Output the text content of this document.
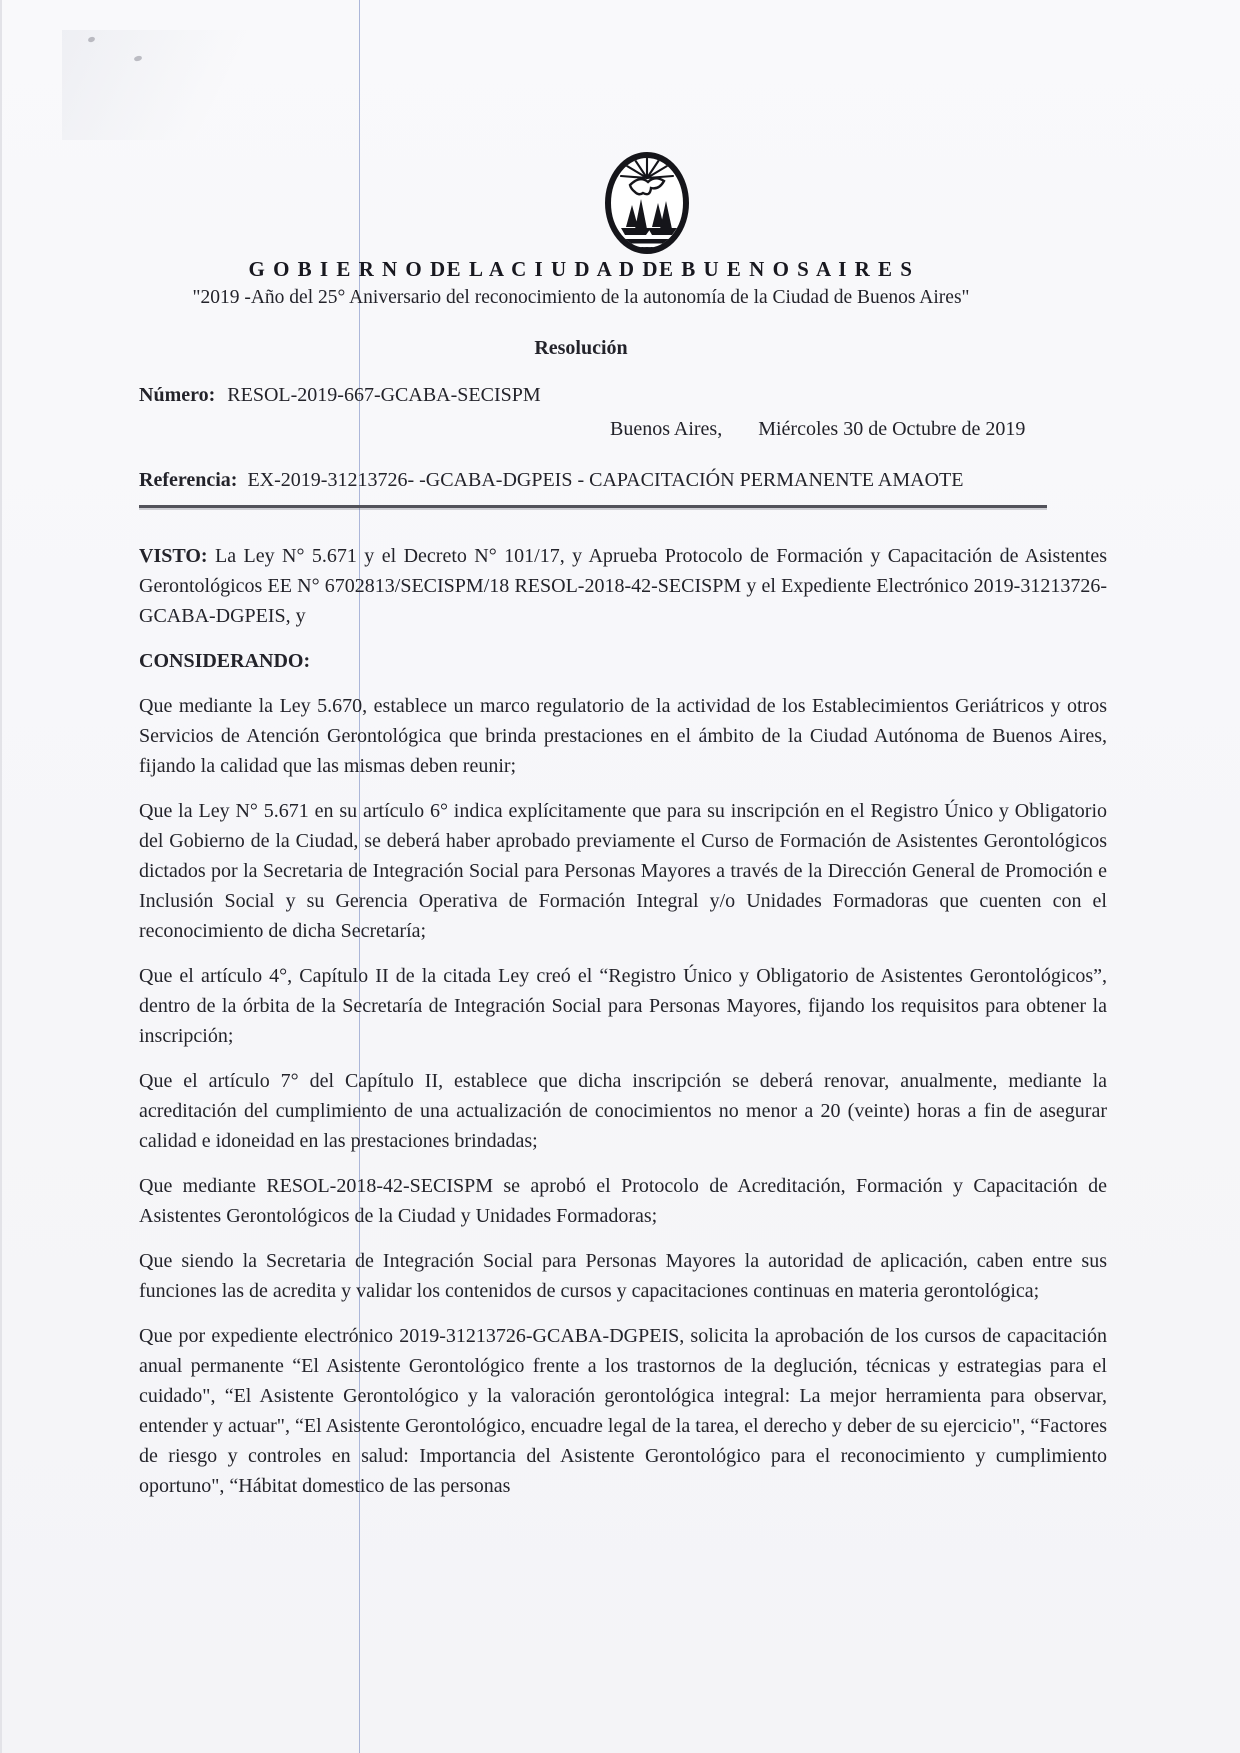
G O B I E R N O DE L A C I U D A D DE B U E N O S A I R E S
"2019 -Año del 25° Aniversario del reconocimiento de la autonomía de la Ciudad de Buenos Aires"
Resolución
Número: RESOL-2019-667-GCABA-SECISPM
Buenos Aires, Miércoles 30 de Octubre de 2019
Referencia: EX-2019-31213726- -GCABA-DGPEIS - CAPACITACIÓN PERMANENTE AMAOTE

VISTO: La Ley N° 5.671 y el Decreto N° 101/17, y Aprueba Protocolo de Formación y Capacitación de Asistentes Gerontológicos EE N° 6702813/SECISPM/18 RESOL-2018-42-SECISPM y el Expediente Electrónico 2019-31213726-GCABA-DGPEIS, y

CONSIDERANDO:

Que mediante la Ley 5.670, establece un marco regulatorio de la actividad de los Establecimientos Geriátricos y otros Servicios de Atención Gerontológica que brinda prestaciones en el ámbito de la Ciudad Autónoma de Buenos Aires, fijando la calidad que las mismas deben reunir;

Que la Ley N° 5.671 en su artículo 6° indica explícitamente que para su inscripción en el Registro Único y Obligatorio del Gobierno de la Ciudad, se deberá haber aprobado previamente el Curso de Formación de Asistentes Gerontológicos dictados por la Secretaria de Integración Social para Personas Mayores a través de la Dirección General de Promoción e Inclusión Social y su Gerencia Operativa de Formación Integral y/o Unidades Formadoras que cuenten con el reconocimiento de dicha Secretaría;

Que el artículo 4°, Capítulo II de la citada Ley creó el “Registro Único y Obligatorio de Asistentes Gerontológicos”, dentro de la órbita de la Secretaría de Integración Social para Personas Mayores, fijando los requisitos para obtener la inscripción;

Que el artículo 7° del Capítulo II, establece que dicha inscripción se deberá renovar, anualmente, mediante la acreditación del cumplimiento de una actualización de conocimientos no menor a 20 (veinte) horas a fin de asegurar calidad e idoneidad en las prestaciones brindadas;

Que mediante RESOL-2018-42-SECISPM se aprobó el Protocolo de Acreditación, Formación y Capacitación de Asistentes Gerontológicos de la Ciudad y Unidades Formadoras;

Que siendo la Secretaria de Integración Social para Personas Mayores la autoridad de aplicación, caben entre sus funciones las de acredita y validar los contenidos de cursos y capacitaciones continuas en materia gerontológica;

Que por expediente electrónico 2019-31213726-GCABA-DGPEIS, solicita la aprobación de los cursos de capacitación anual permanente “El Asistente Gerontológico frente a los trastornos de la deglución, técnicas y estrategias para el cuidado", “El Asistente Gerontológico y la valoración gerontológica integral: La mejor herramienta para observar, entender y actuar", “El Asistente Gerontológico, encuadre legal de la tarea, el derecho y deber de su ejercicio", “Factores de riesgo y controles en salud: Importancia del Asistente Gerontológico para el reconocimiento y cumplimiento oportuno", “Hábitat domestico de las personas
